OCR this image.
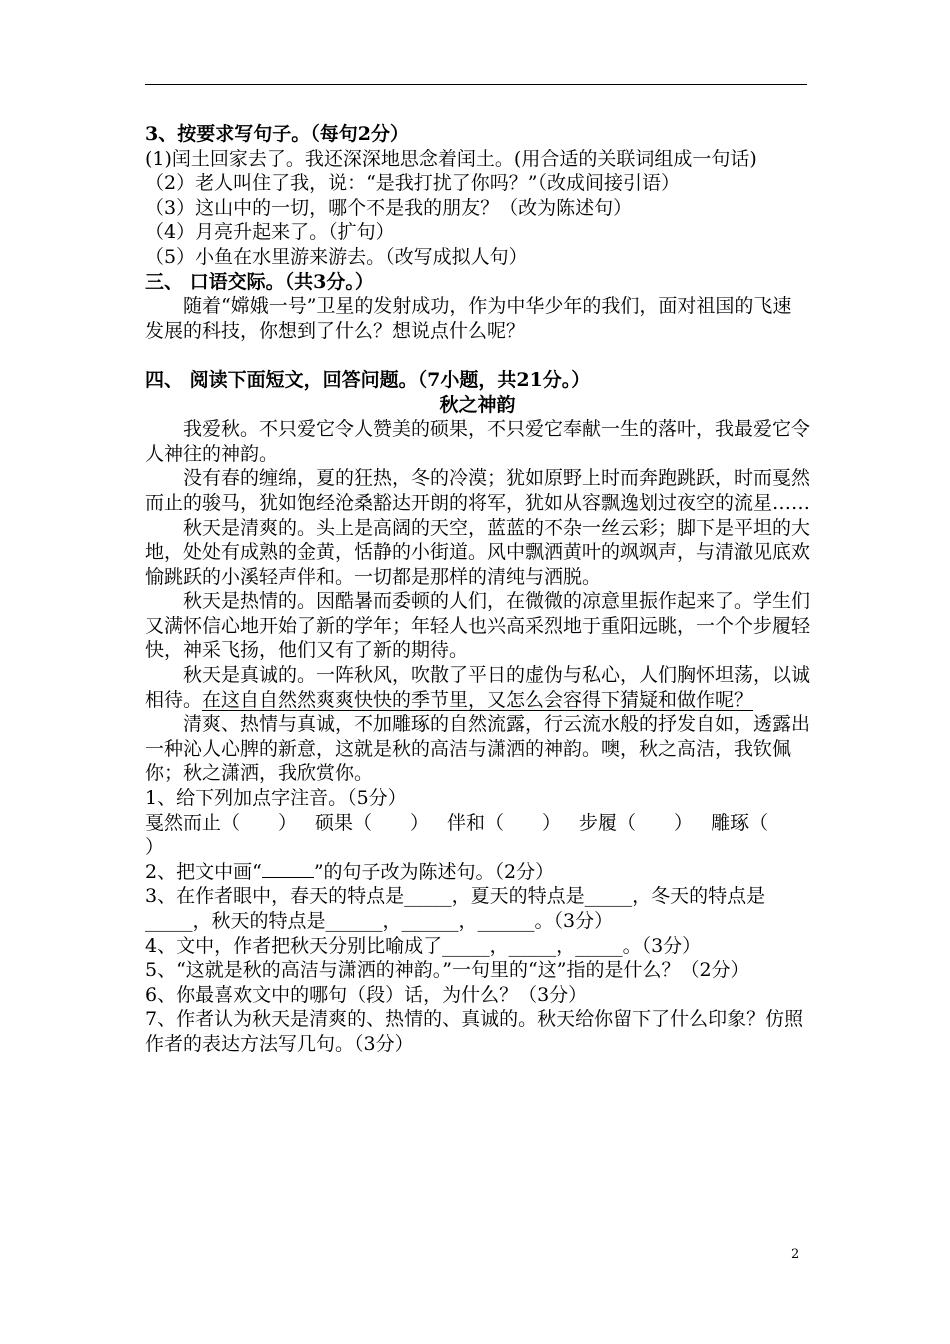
3、按要求写句子。（每句2分）
(1)闰土回家去了。我还深深地思念着闰土。(用合适的关联词组成一句话)
（2）老人叫住了我，说：“是我打扰了你吗？”（改成间接引语）
（3）这山中的一切，哪个不是我的朋友？（改为陈述句）
（4）月亮升起来了。（扩句）
（5）小鱼在水里游来游去。（改写成拟人句）
三、 口语交际。（共3分。）
随着“嫦娥一号”卫星的发射成功，作为中华少年的我们，面对祖国的飞速发展的科技，你想到了什么？想说点什么呢？
四、 阅读下面短文，回答问题。（7小题，共21分。）
秋之神韵
我爱秋。不只爱它令人赞美的硕果，不只爱它奉献一生的落叶，我最爱它令人神往的神韵。
没有春的缠绵，夏的狂热，冬的冷漠；犹如原野上时而奔跑跳跃，时而戛然而止的骏马，犹如饱经沧桑豁达开朗的将军，犹如从容飘逸划过夜空的流星……
秋天是清爽的。头上是高阔的天空，蓝蓝的不杂一丝云彩；脚下是平坦的大地，处处有成熟的金黄，恬静的小街道。风中飘洒黄叶的飒飒声，与清澈见底欢愉跳跃的小溪轻声伴和。一切都是那样的清纯与洒脱。
秋天是热情的。因酷暑而委顿的人们，在微微的凉意里振作起来了。学生们又满怀信心地开始了新的学年；年轻人也兴高采烈地于重阳远眺，一个个步履轻快，神采飞扬，他们又有了新的期待。
秋天是真诚的。一阵秋风，吹散了平日的虚伪与私心，人们胸怀坦荡，以诚相待。在这自自然然爽爽快快的季节里，又怎么会容得下猜疑和做作呢？
清爽、热情与真诚，不加雕琢的自然流露，行云流水般的抒发自如，透露出一种沁人心脾的新意，这就是秋的高洁与潇洒的神韵。噢，秋之高洁，我钦佩你；秋之潇洒，我欣赏你。
1、给下列加点字注音。（5分）
戛然而止（　　） 硕果（　　） 伴和（　　） 步履（　　） 雕琢（
）
2、把文中画“	”的句子改为陈述句。（2分）
3、在作者眼中，春天的特点是_____，夏天的特点是_____，冬天的特点是_____，秋天的特点是______，______，______。（3分）
4、文中，作者把秋天分别比喻成了_____，_____，_____。（3分）
5、“这就是秋的高洁与潇洒的神韵。”一句里的“这”指的是什么？（2分）
6、你最喜欢文中的哪句（段）话，为什么？（3分）
7、作者认为秋天是清爽的、热情的、真诚的。秋天给你留下了什么印象？仿照作者的表达方法写几句。（3分）
2
